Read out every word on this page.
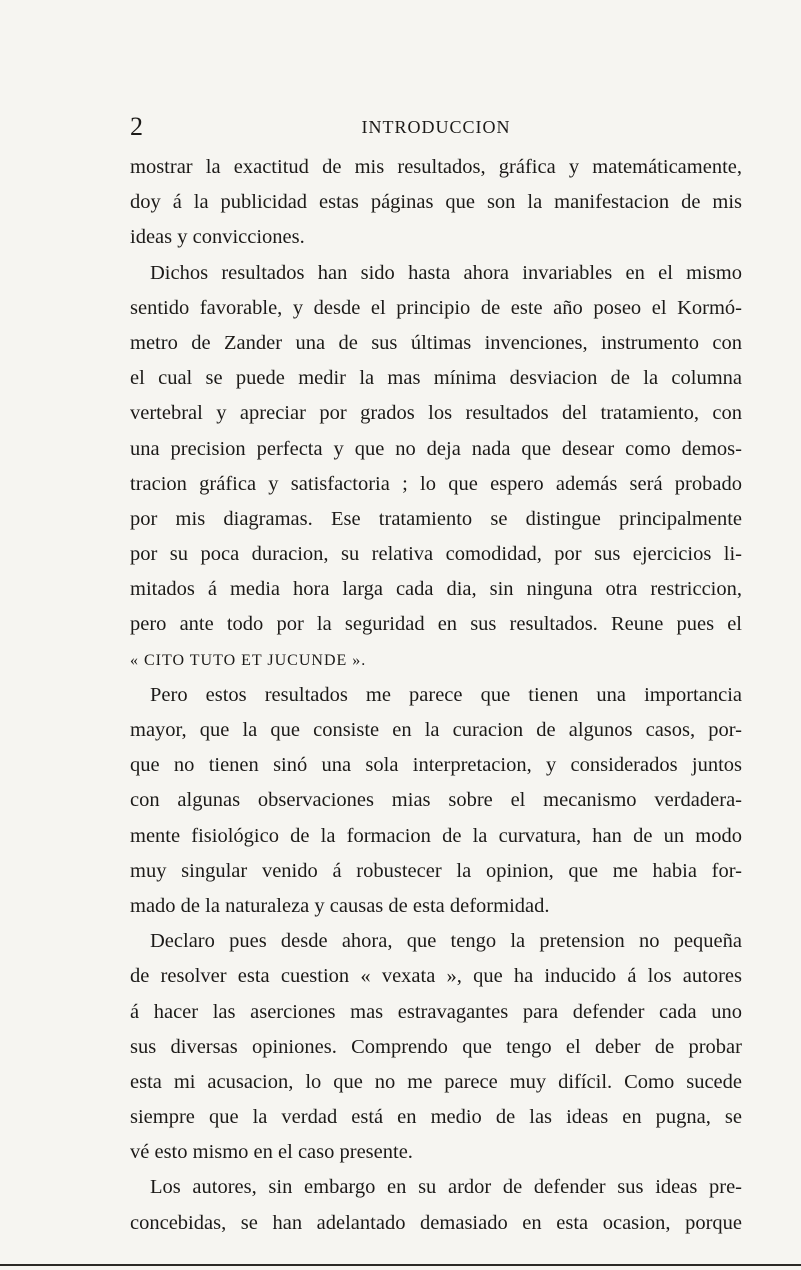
2	INTRODUCCION
mostrar la exactitud de mis resultados, gráfica y matemáticamente,
doy á la publicidad estas páginas que son la manifestacion de mis
ideas y convicciones.
Dichos resultados han sido hasta ahora invariables en el mismo
sentido favorable, y desde el principio de este año poseo el Kormó-
metro de Zander una de sus últimas invenciones, instrumento con
el cual se puede medir la mas mínima desviacion de la columna
vertebral y apreciar por grados los resultados del tratamiento, con
una precision perfecta y que no deja nada que desear como demos-
tracion gráfica y satisfactoria ; lo que espero además será probado
por mis diagramas. Ese tratamiento se distingue principalmente
por su poca duracion, su relativa comodidad, por sus ejercicios li-
mitados á media hora larga cada dia, sin ninguna otra restriccion,
pero ante todo por la seguridad en sus resultados. Reune pues el
« CITO TUTO ET JUCUNDE ».
Pero estos resultados me parece que tienen una importancia
mayor, que la que consiste en la curacion de algunos casos, por-
que no tienen sinó una sola interpretacion, y considerados juntos
con algunas observaciones mias sobre el mecanismo verdadera-
mente fisiológico de la formacion de la curvatura, han de un modo
muy singular venido á robustecer la opinion, que me habia for-
mado de la naturaleza y causas de esta deformidad.
Declaro pues desde ahora, que tengo la pretension no pequeña
de resolver esta cuestion « vexata », que ha inducido á los autores
á hacer las aserciones mas estravagantes para defender cada uno
sus diversas opiniones. Comprendo que tengo el deber de probar
esta mi acusacion, lo que no me parece muy difícil. Como sucede
siempre que la verdad está en medio de las ideas en pugna, se
vé esto mismo en el caso presente.
Los autores, sin embargo en su ardor de defender sus ideas pre-
concebidas, se han adelantado demasiado en esta ocasion, porque
